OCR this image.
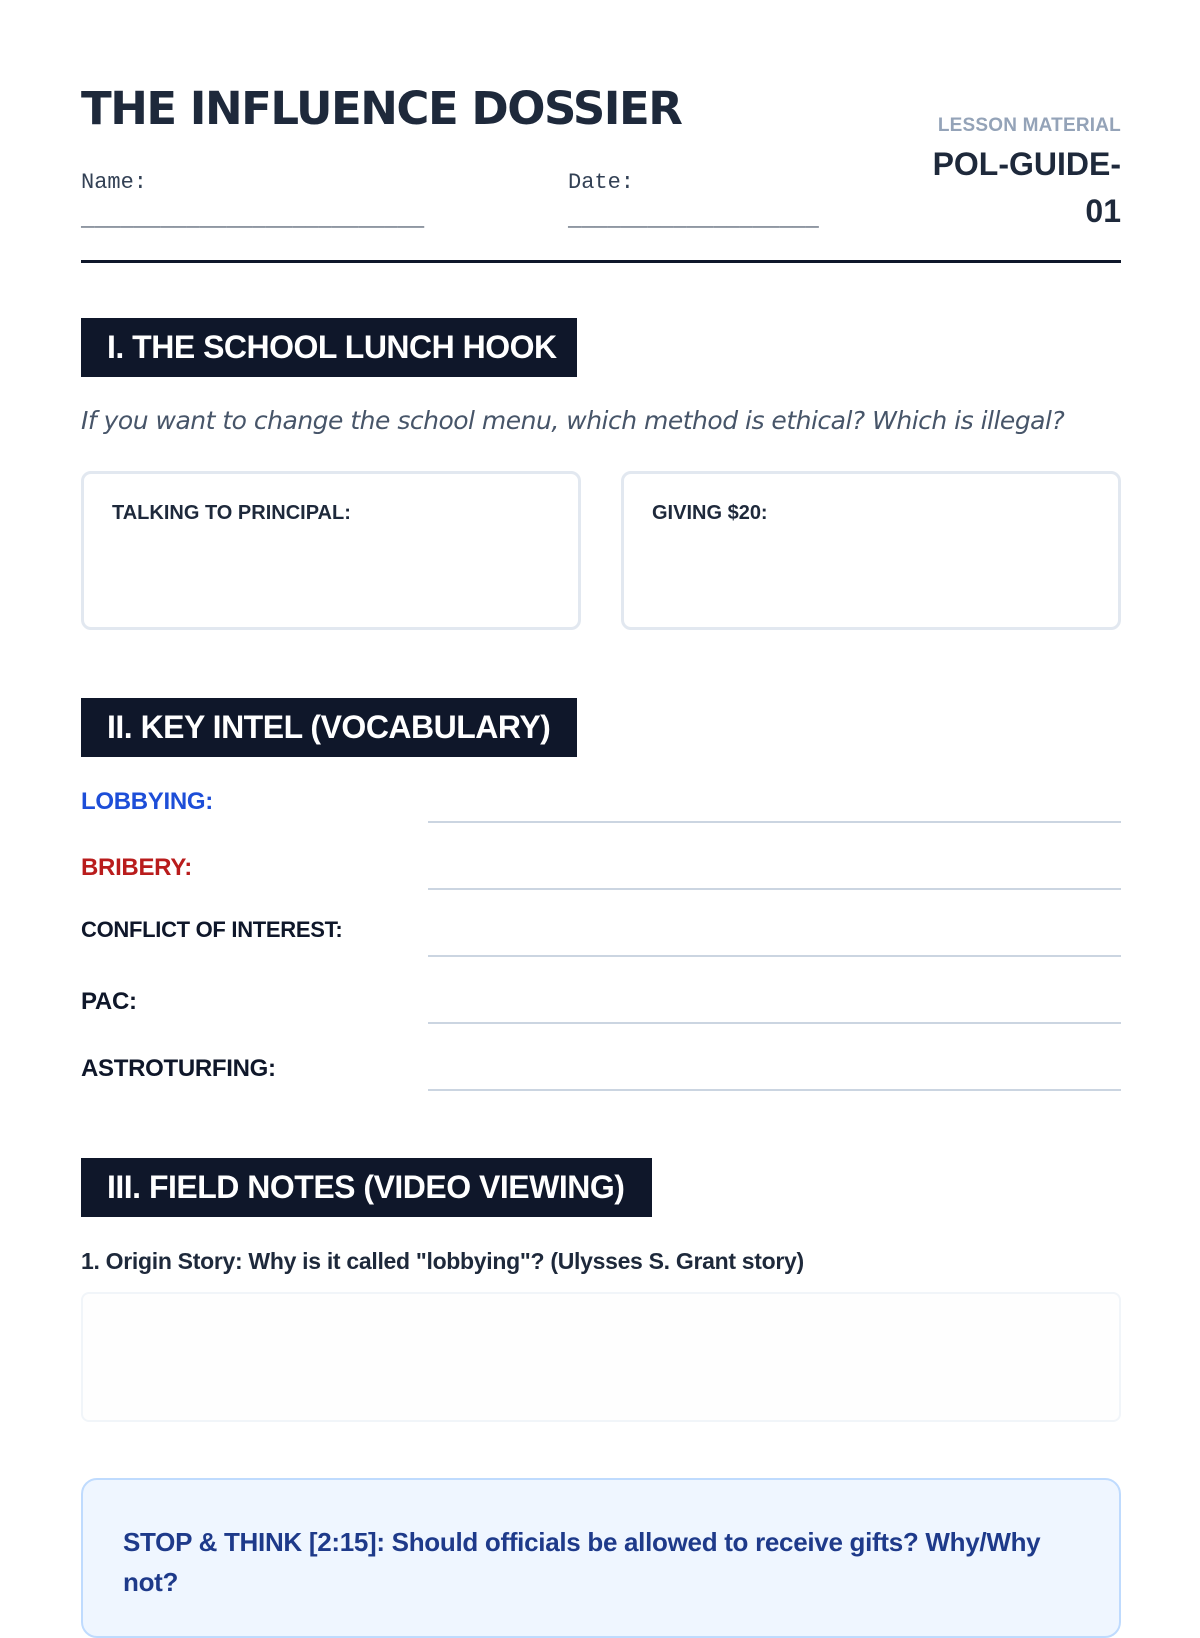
THE INFLUENCE DOSSIER
Name:
__________________________
Date:
___________________
LESSON MATERIAL
POL-GUIDE-
01
I. THE SCHOOL LUNCH HOOK
If you want to change the school menu, which method is ethical? Which is illegal?
TALKING TO PRINCIPAL:	GIVING $20:
II. KEY INTEL (VOCABULARY)
LOBBYING:
BRIBERY:
CONFLICT OF INTEREST:
PAC:
ASTROTURFING:
III. FIELD NOTES (VIDEO VIEWING)
1. Origin Story: Why is it called "lobbying"? (Ulysses S. Grant story)
STOP & THINK [2:15]: Should officials be allowed to receive gifts? Why/Why not?
